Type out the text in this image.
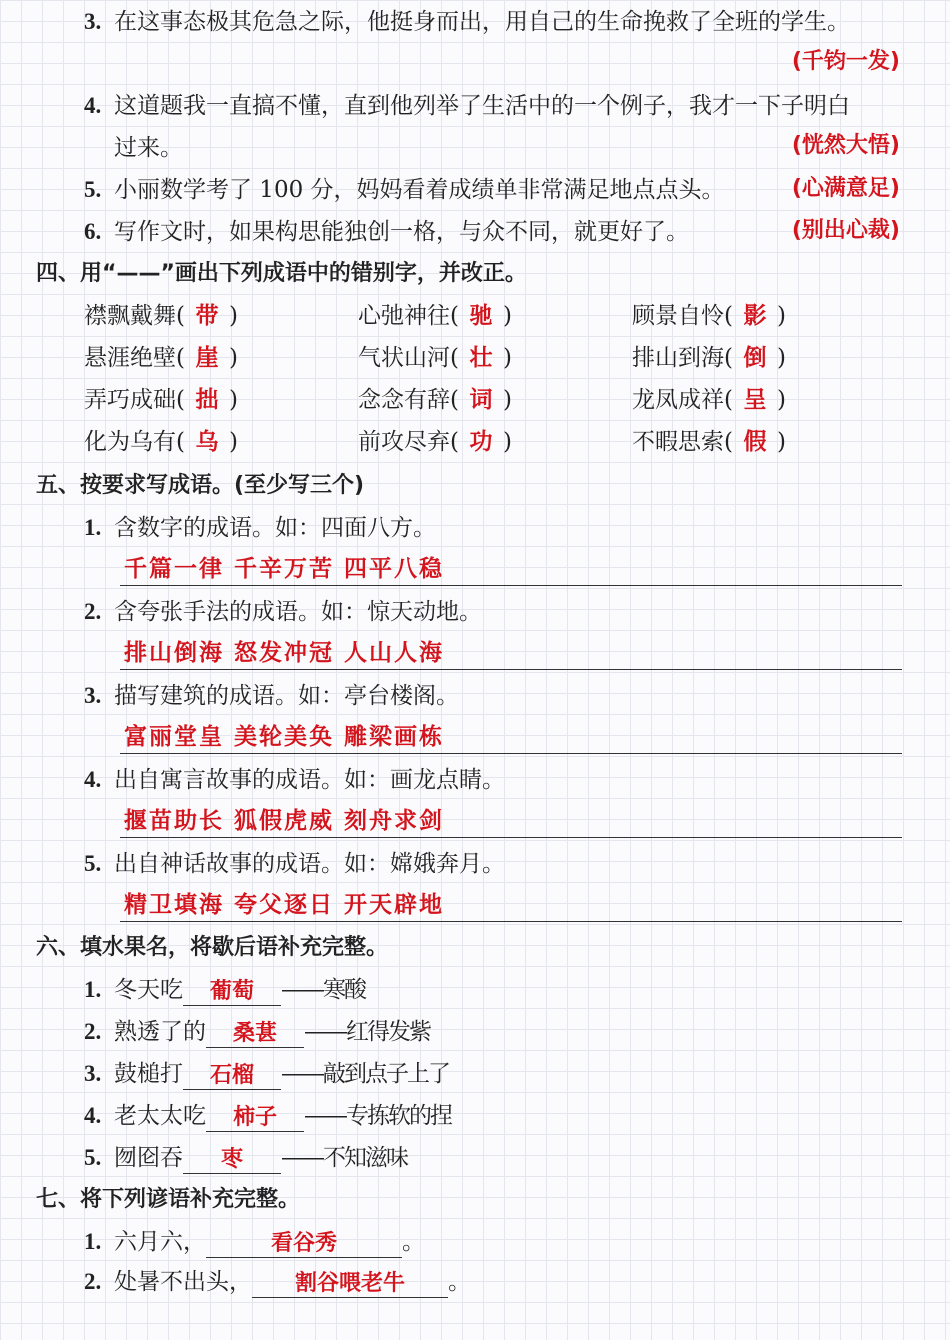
3. 在这事态极其危急之际，他挺身而出，用自己的生命挽救了全班的学生。
(千钧一发)
4. 这道题我一直搞不懂，直到他列举了生活中的一个例子，我才一下子明白
过来。	(恍然大悟)
5. 小丽数学考了 100 分，妈妈看着成绩单非常满足地点点头。	(心满意足)
6. 写作文时，如果构思能独创一格，与众不同，就更好了。	(别出心裁)
四、用“——”画出下列成语中的错别字，并改正。
襟飘戴舞( 带 )	心弛神往( 驰 )	顾景自怜( 影 )
悬涯绝壁( 崖 )	气状山河( 壮 )	排山到海( 倒 )
弄巧成础( 拙 )	念念有辞( 词 )	龙凤成祥( 呈 )
化为乌有( 乌 )	前攻尽弃( 功 )	不暇思索( 假 )
五、按要求写成语。(至少写三个)
1. 含数字的成语。如：四面八方。
千篇一律 千辛万苦 四平八稳
2. 含夸张手法的成语。如：惊天动地。
排山倒海 怒发冲冠 人山人海
3. 描写建筑的成语。如：亭台楼阁。
富丽堂皇 美轮美奂 雕梁画栋
4. 出自寓言故事的成语。如：画龙点睛。
揠苗助长 狐假虎威 刻舟求剑
5. 出自神话故事的成语。如：嫦娥奔月。
精卫填海 夸父逐日 开天辟地
六、填水果名，将歇后语补充完整。
1. 冬天吃 葡萄 ——寒酸
2. 熟透了的 桑葚 ——红得发紫
3. 鼓槌打 石榴 ——敲到点子上了
4. 老太太吃 柿子 ——专拣软的捏
5. 囫囵吞 枣 ——不知滋味
七、将下列谚语补充完整。
1. 六月六，	看谷秀	。
2. 处暑不出头， 割谷喂老牛 。
